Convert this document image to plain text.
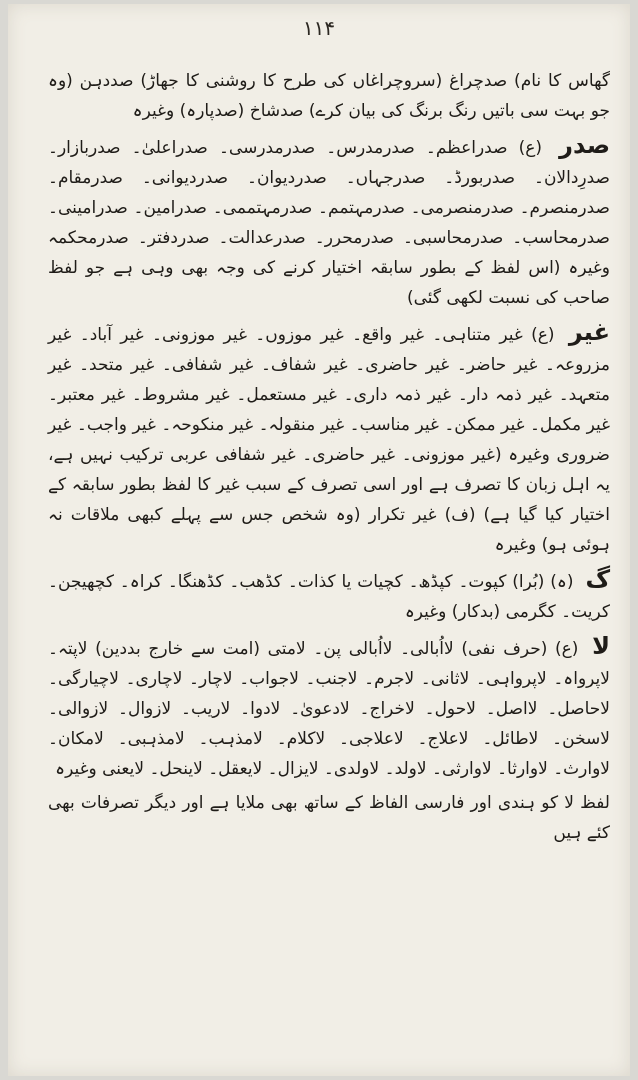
۱۱۴

گھاس کا نام) صدچراغ (سروچراغاں کی طرح کا روشنی کا جھاڑ) صددہن (وہ جو بہت سی باتیں رنگ برنگ کی بیان کرے) صدشاخ (صدپارہ) وغیرہ

صدر (ع) صدراعظم۔ صدرمدرس۔ صدرمدرسی۔ صدراعلیٰ۔ صدربازار۔ صدرِدالان۔ صدربورڈ۔ صدرجہاں۔ صدردیوان۔ صدردیوانی۔ صدرمقام۔ صدرمنصرم۔ صدرمنصرمی۔ صدرمہتمم۔ صدرمہتممی۔ صدرامین۔ صدرامینی۔ صدرمحاسب۔ صدرمحاسبی۔ صدرمحرر۔ صدرعدالت۔ صدردفتر۔ صدرمحکمہ وغیرہ (اس لفظ کے بطور سابقہ اختیار کرنے کی وجہ بھی وہی ہے جو لفظ صاحب کی نسبت لکھی گئی)

غیر (ع) غیر متناہی۔ غیر واقع۔ غیر موزوں۔ غیر موزونی۔ غیر آباد۔ غیر مزروعہ۔ غیر حاضر۔ غیر حاضری۔ غیر شفاف۔ غیر شفافی۔ غیر متحد۔ غیر متعہد۔ غیر ذمہ دار۔ غیر ذمہ داری۔ غیر مستعمل۔ غیر مشروط۔ غیر معتبر۔ غیر مکمل۔ غیر ممکن۔ غیر مناسب۔ غیر منقولہ۔ غیر منکوحہ۔ غیر واجب۔ غیر ضروری وغیرہ (غیر موزونی۔ غیر حاضری۔ غیر شفافی عربی ترکیب نہیں ہے، یہ اہل زبان کا تصرف ہے اور اسی تصرف کے سبب غیر کا لفظ بطور سابقہ کے اختیار کیا گیا ہے) (ف) غیر تکرار (وہ شخص جس سے پہلے کبھی ملاقات نہ ہوئی ہو) وغیرہ

گ (ہ) (بُرا) کپوت۔ کپڈھ۔ کچیات یا کذات۔ کڈھب۔ کڈھنگا۔ کراہ۔ کچھیجن۔ کریت۔ کگرمی (بدکار) وغیرہ

لا (ع) (حرف نفی) لااُبالی۔ لااُبالی پن۔ لامتی (امت سے خارج بددین) لاپتہ۔ لاپرواہ۔ لاپرواہی۔ لاثانی۔ لاجرم۔ لاجنب۔ لاجواب۔ لاچار۔ لاچاری۔ لاچیارگی۔ لاحاصل۔ لااصل۔ لاحول۔ لاخراج۔ لادعویٰ۔ لادوا۔ لاریب۔ لازوال۔ لازوالی۔ لاسخن۔ لاطائل۔ لاعلاج۔ لاعلاجی۔ لاکلام۔ لامذہب۔ لامذہبی۔ لامکان۔ لاوارث۔ لاوارثا۔ لاوارثی۔ لاولد۔ لاولدی۔ لایزال۔ لایعقل۔ لاینحل۔ لایعنی وغیرہ

لفظ لا کو ہندی اور فارسی الفاظ کے ساتھ بھی ملایا ہے اور دیگر تصرفات بھی کئے ہیں
